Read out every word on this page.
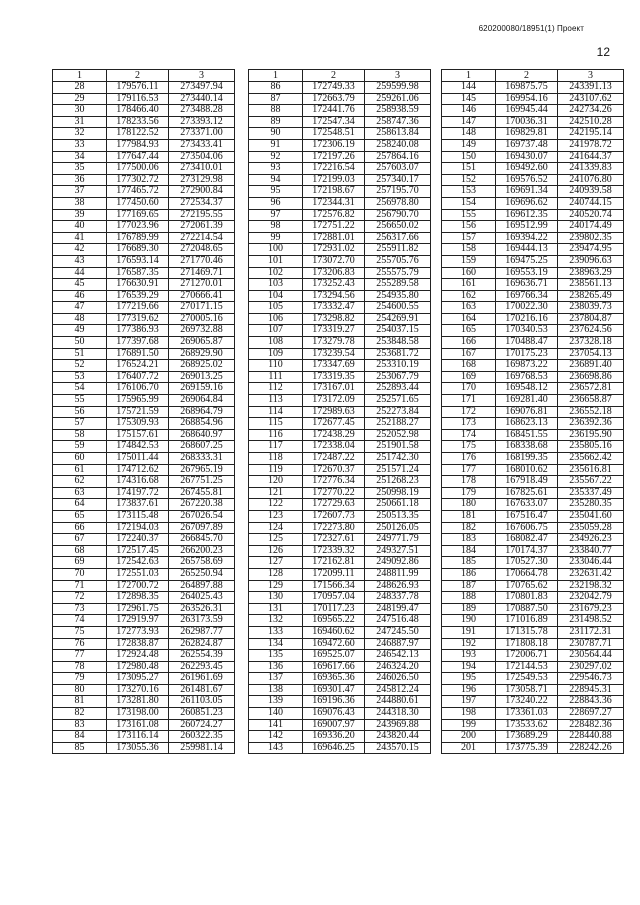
620200080/18951(1) Проект
12
1	2	3
28	179576.11	273497.94
29	179116.53	273440.14
30	178466.40	273488.28
31	178233.56	273393.12
32	178122.52	273371.00
33	177984.93	273433.41
34	177647.44	273504.06
35	177500.06	273410.01
36	177302.72	273129.98
37	177465.72	272900.84
38	177450.60	272534.37
39	177169.65	272195.55
40	177023.96	272061.39
41	176789.99	272214.54
42	176689.30	272048.65
43	176593.14	271770.46
44	176587.35	271469.71
45	176630.91	271270.01
46	176539.29	270666.41
47	177219.66	270171.15
48	177319.62	270005.16
49	177386.93	269732.88
50	177397.68	269065.87
51	176891.50	268929.90
52	176524.21	268925.02
53	176407.72	269013.25
54	176106.70	269159.16
55	175965.99	269064.84
56	175721.59	268964.79
57	175309.93	268854.96
58	175157.61	268640.97
59	174842.53	268607.25
60	175011.44	268333.31
61	174712.62	267965.19
62	174316.68	267751.25
63	174197.72	267455.81
64	173837.61	267220.38
65	173115.48	267026.54
66	172194.03	267097.89
67	172240.37	266845.70
68	172517.45	266200.23
69	172542.63	265758.69
70	172551.03	265250.94
71	172700.72	264897.88
72	172898.35	264025.43
73	172961.75	263526.31
74	172919.97	263173.59
75	172773.93	262987.77
76	172838.87	262824.87
77	172924.48	262554.39
78	172980.48	262293.45
79	173095.27	261961.69
80	173270.16	261481.67
81	173281.80	261103.05
82	173198.00	260851.23
83	173161.08	260724.27
84	173116.14	260322.35
85	173055.36	259981.14
1	2	3
86	172749.33	259599.98
87	172663.79	259261.06
88	172441.76	258938.59
89	172547.34	258747.36
90	172548.51	258613.84
91	172306.19	258240.08
92	172197.26	257864.16
93	172216.54	257603.07
94	172199.03	257340.17
95	172198.67	257195.70
96	172344.31	256978.80
97	172576.82	256790.70
98	172751.22	256650.02
99	172881.01	256317.66
100	172931.02	255911.82
101	173072.70	255705.76
102	173206.83	255575.79
103	173252.43	255289.58
104	173294.56	254935.80
105	173332.47	254600.55
106	173298.82	254269.91
107	173319.27	254037.15
108	173279.78	253848.58
109	173239.54	253681.72
110	173347.69	253310.19
111	173319.35	253067.79
112	173167.01	252893.44
113	173172.09	252571.65
114	172989.63	252273.84
115	172677.45	252188.27
116	172438.29	252052.98
117	172338.04	251901.58
118	172487.22	251742.30
119	172670.37	251571.24
120	172776.34	251268.23
121	172770.22	250998.19
122	172729.63	250661.18
123	172607.73	250513.35
124	172273.80	250126.05
125	172327.61	249771.79
126	172339.32	249327.51
127	172162.81	249092.86
128	172099.11	248811.99
129	171566.34	248626.93
130	170957.04	248337.78
131	170117.23	248199.47
132	169565.22	247516.48
133	169460.62	247245.50
134	169472.60	246887.97
135	169525.07	246542.13
136	169617.66	246324.20
137	169365.36	246026.50
138	169301.47	245812.24
139	169196.36	244880.61
140	169076.43	244318.30
141	169007.97	243969.88
142	169336.20	243820.44
143	169646.25	243570.15
1	2	3
144	169875.75	243391.13
145	169954.16	243107.62
146	169945.44	242734.26
147	170036.31	242510.28
148	169829.81	242195.14
149	169737.48	241978.72
150	169430.07	241644.37
151	169492.60	241339.83
152	169576.52	241076.80
153	169691.34	240939.58
154	169696.62	240744.15
155	169612.35	240520.74
156	169512.99	240174.49
157	169394.22	239802.35
158	169444.13	239474.95
159	169475.25	239096.63
160	169553.19	238963.29
161	169636.71	238561.13
162	169766.34	238265.49
163	170022.30	238039.73
164	170216.16	237804.87
165	170340.53	237624.56
166	170488.47	237328.18
167	170175.23	237054.13
168	169873.22	236891.40
169	169768.53	236698.86
170	169548.12	236572.81
171	169281.40	236658.87
172	169076.81	236552.18
173	168623.13	236392.36
174	168451.55	236195.90
175	168338.68	235805.16
176	168199.35	235662.42
177	168010.62	235616.81
178	167918.49	235567.22
179	167825.61	235337.49
180	167633.07	235280.35
181	167516.47	235041.60
182	167606.75	235059.28
183	168082.47	234926.23
184	170174.37	233840.77
185	170527.30	233046.44
186	170664.78	232631.42
187	170765.62	232198.32
188	170801.83	232042.79
189	170887.50	231679.23
190	171016.89	231498.52
191	171315.78	231172.31
192	171808.18	230787.71
193	172006.71	230564.44
194	172144.53	230297.02
195	172549.53	229546.73
196	173058.71	228945.31
197	173240.22	228843.36
198	173361.03	228697.27
199	173533.62	228482.36
200	173689.29	228440.88
201	173775.39	228242.26
